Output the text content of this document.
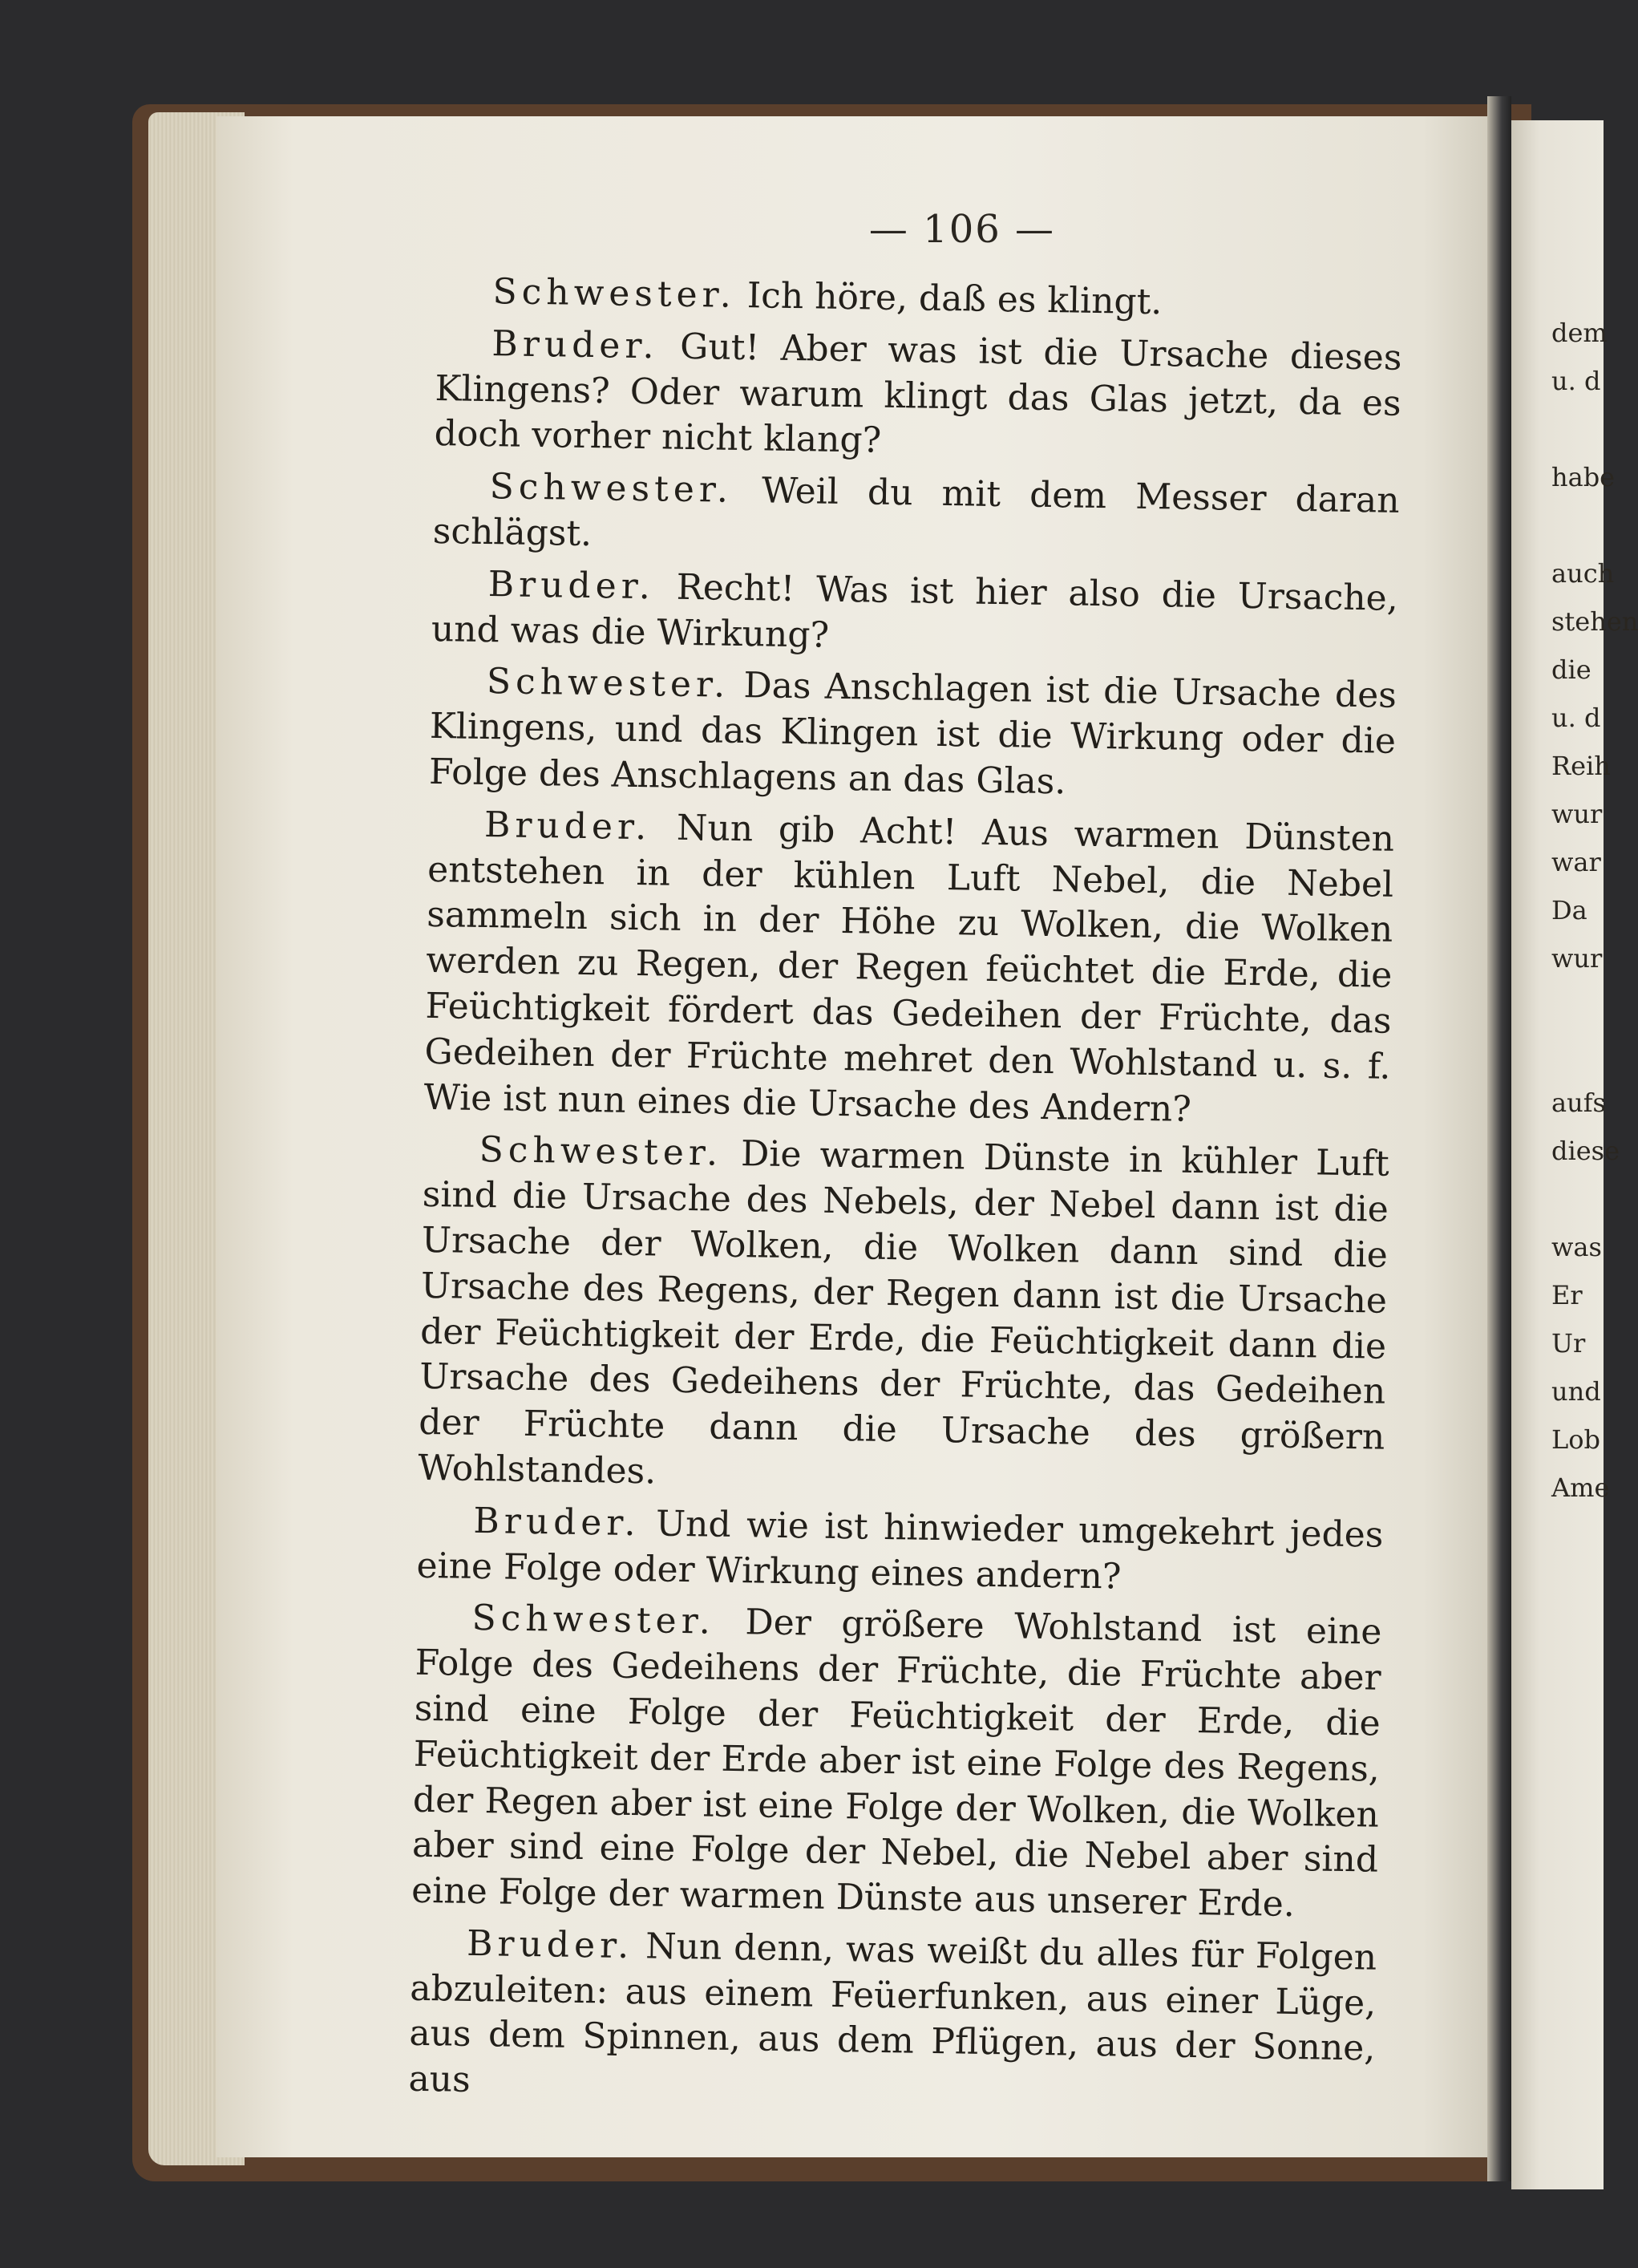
— 106 —

Schwester. Ich höre, daß es klingt.

Bruder. Gut! Aber was ist die Ursache dieses Klingens? Oder warum klingt das Glas jetzt, da es doch vorher nicht klang?

Schwester. Weil du mit dem Messer daran schlägst.

Bruder. Recht! Was ist hier also die Ursache, und was die Wirkung?

Schwester. Das Anschlagen ist die Ursache des Klingens, und das Klingen ist die Wirkung oder die Folge des Anschlagens an das Glas.

Bruder. Nun gib Acht! Aus warmen Dünsten entstehen in der kühlen Luft Nebel, die Nebel sammeln sich in der Höhe zu Wolken, die Wolken werden zu Regen, der Regen feüchtet die Erde, die Feüchtigkeit fördert das Gedeihen der Früchte, das Gedeihen der Früchte mehret den Wohlstand u. s. f. Wie ist nun eines die Ursache des Andern?

Schwester. Die warmen Dünste in kühler Luft sind die Ursache des Nebels, der Nebel dann ist die Ursache der Wolken, die Wolken dann sind die Ursache des Regens, der Regen dann ist die Ursache der Feüchtigkeit der Erde, die Feüchtigkeit dann die Ursache des Gedeihens der Früchte, das Gedeihen der Früchte dann die Ursache des größern Wohlstandes.

Bruder. Und wie ist hinwieder umgekehrt jedes eine Folge oder Wirkung eines andern?

Schwester. Der größere Wohlstand ist eine Folge des Gedeihens der Früchte, die Früchte aber sind eine Folge der Feüchtigkeit der Erde, die Feüchtigkeit der Erde aber ist eine Folge des Regens, der Regen aber ist eine Folge der Wolken, die Wolken aber sind eine Folge der Nebel, die Nebel aber sind eine Folge der warmen Dünste aus unserer Erde.

Bruder. Nun denn, was weißt du alles für Folgen abzuleiten: aus einem Feüerfunken, aus einer Lüge, aus dem Spinnen, aus dem Pflügen, aus der Sonne, aus

dem
u. d
habe
auch
stehen
die
u. d
Reih
wur
war
Da
wur
aufs
diese
was
Er
Ur
und
Lob
Ame
